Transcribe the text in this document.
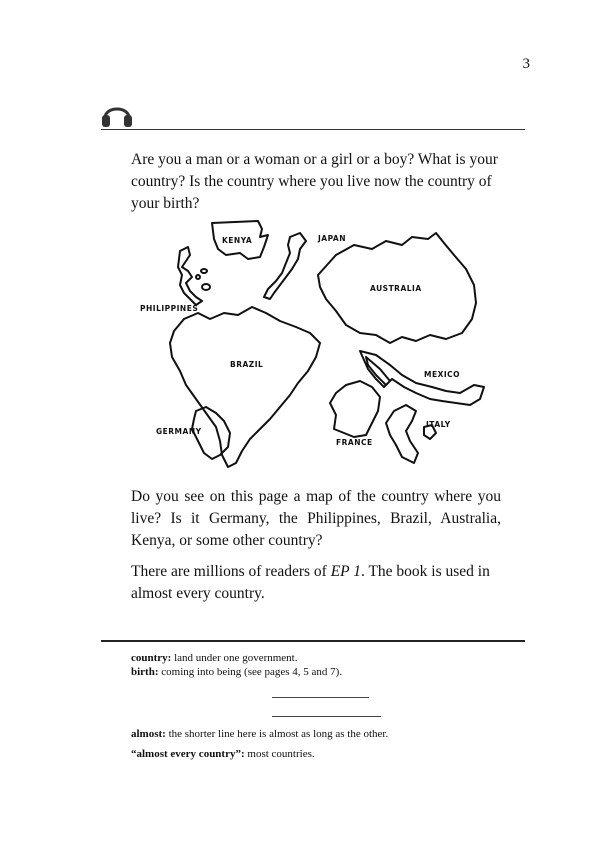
3
Are you a man or a woman or a girl or a boy? What is your country? Is the country where you live now the country of your birth?
KENYA	JAPAN
AUSTRALIA
PHILIPPINES
BRAZIL
MEXICO
GERMANY
ITALY
FRANCE
Do you see on this page a map of the country where you live? Is it Germany, the Philippines, Brazil, Australia, Kenya, or some other country?
There are millions of readers of EP 1. The book is used in almost every country.
country: land under one government.
birth: coming into being (see pages 4, 5 and 7).
almost: the shorter line here is almost as long as the other.
“almost every country”: most countries.
